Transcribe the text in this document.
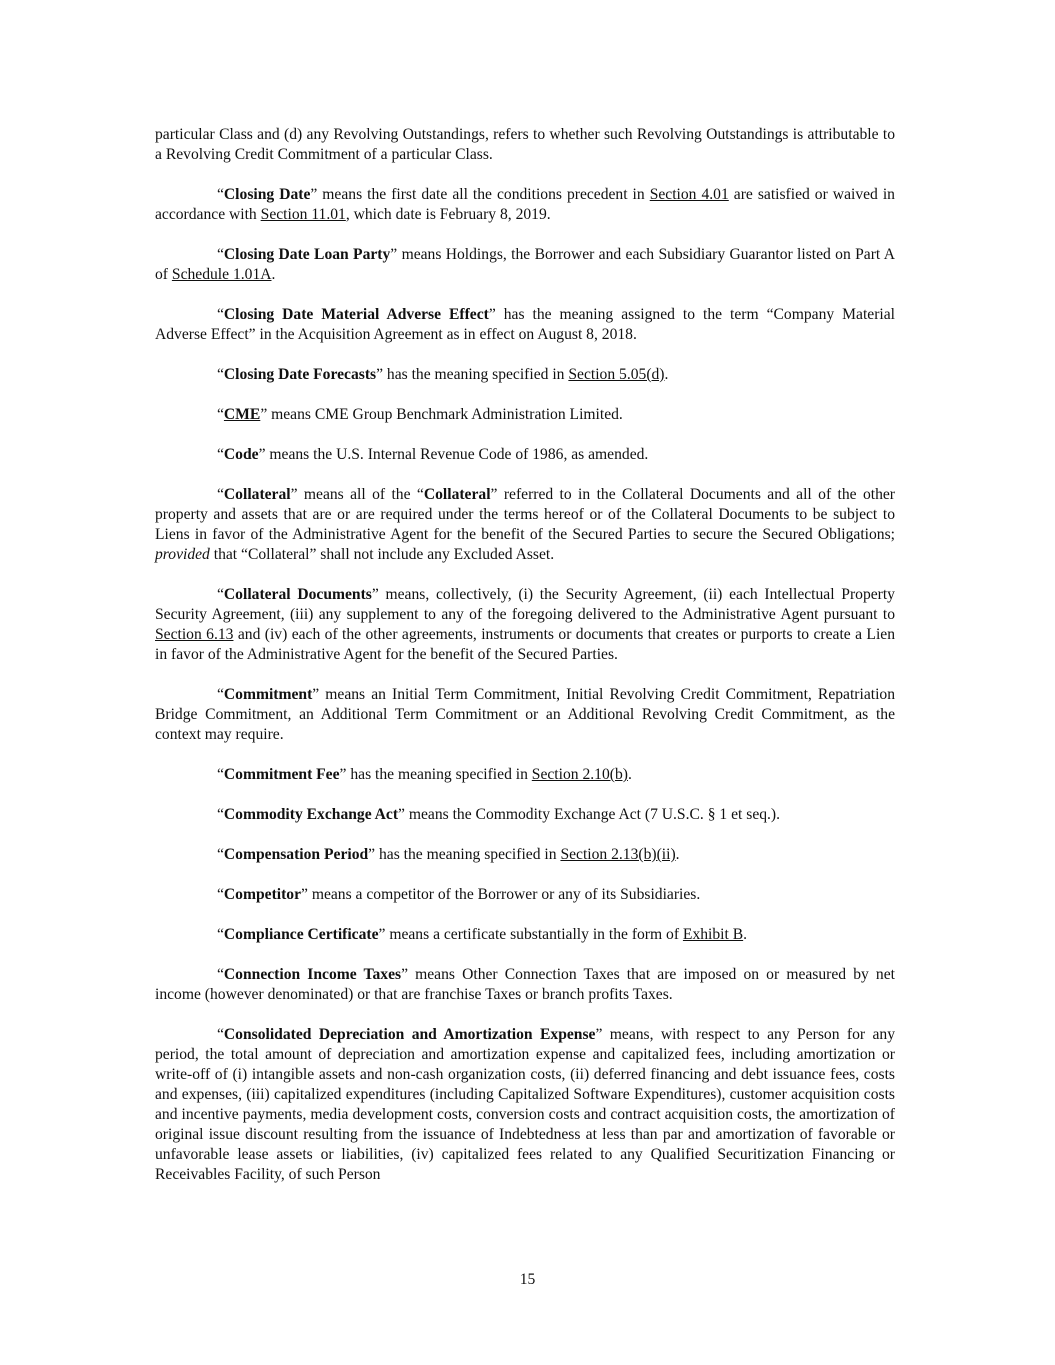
particular Class and (d) any Revolving Outstandings, refers to whether such Revolving Outstandings is attributable to a Revolving Credit Commitment of a particular Class.

“Closing Date” means the first date all the conditions precedent in Section 4.01 are satisfied or waived in accordance with Section 11.01, which date is February 8, 2019.

“Closing Date Loan Party” means Holdings, the Borrower and each Subsidiary Guarantor listed on Part A of Schedule 1.01A.

“Closing Date Material Adverse Effect” has the meaning assigned to the term “Company Material Adverse Effect” in the Acquisition Agreement as in effect on August 8, 2018.

“Closing Date Forecasts” has the meaning specified in Section 5.05(d).

“CME” means CME Group Benchmark Administration Limited.

“Code” means the U.S. Internal Revenue Code of 1986, as amended.

“Collateral” means all of the “Collateral” referred to in the Collateral Documents and all of the other property and assets that are or are required under the terms hereof or of the Collateral Documents to be subject to Liens in favor of the Administrative Agent for the benefit of the Secured Parties to secure the Secured Obligations; provided that “Collateral” shall not include any Excluded Asset.

“Collateral Documents” means, collectively, (i) the Security Agreement, (ii) each Intellectual Property Security Agreement, (iii) any supplement to any of the foregoing delivered to the Administrative Agent pursuant to Section 6.13 and (iv) each of the other agreements, instruments or documents that creates or purports to create a Lien in favor of the Administrative Agent for the benefit of the Secured Parties.

“Commitment” means an Initial Term Commitment, Initial Revolving Credit Commitment, Repatriation Bridge Commitment, an Additional Term Commitment or an Additional Revolving Credit Commitment, as the context may require.

“Commitment Fee” has the meaning specified in Section 2.10(b).

“Commodity Exchange Act” means the Commodity Exchange Act (7 U.S.C. § 1 et seq.).

“Compensation Period” has the meaning specified in Section 2.13(b)(ii).

“Competitor” means a competitor of the Borrower or any of its Subsidiaries.

“Compliance Certificate” means a certificate substantially in the form of Exhibit B.

“Connection Income Taxes” means Other Connection Taxes that are imposed on or measured by net income (however denominated) or that are franchise Taxes or branch profits Taxes.

“Consolidated Depreciation and Amortization Expense” means, with respect to any Person for any period, the total amount of depreciation and amortization expense and capitalized fees, including amortization or write-off of (i) intangible assets and non-cash organization costs, (ii) deferred financing and debt issuance fees, costs and expenses, (iii) capitalized expenditures (including Capitalized Software Expenditures), customer acquisition costs and incentive payments, media development costs, conversion costs and contract acquisition costs, the amortization of original issue discount resulting from the issuance of Indebtedness at less than par and amortization of favorable or unfavorable lease assets or liabilities, (iv) capitalized fees related to any Qualified Securitization Financing or Receivables Facility, of such Person

15
